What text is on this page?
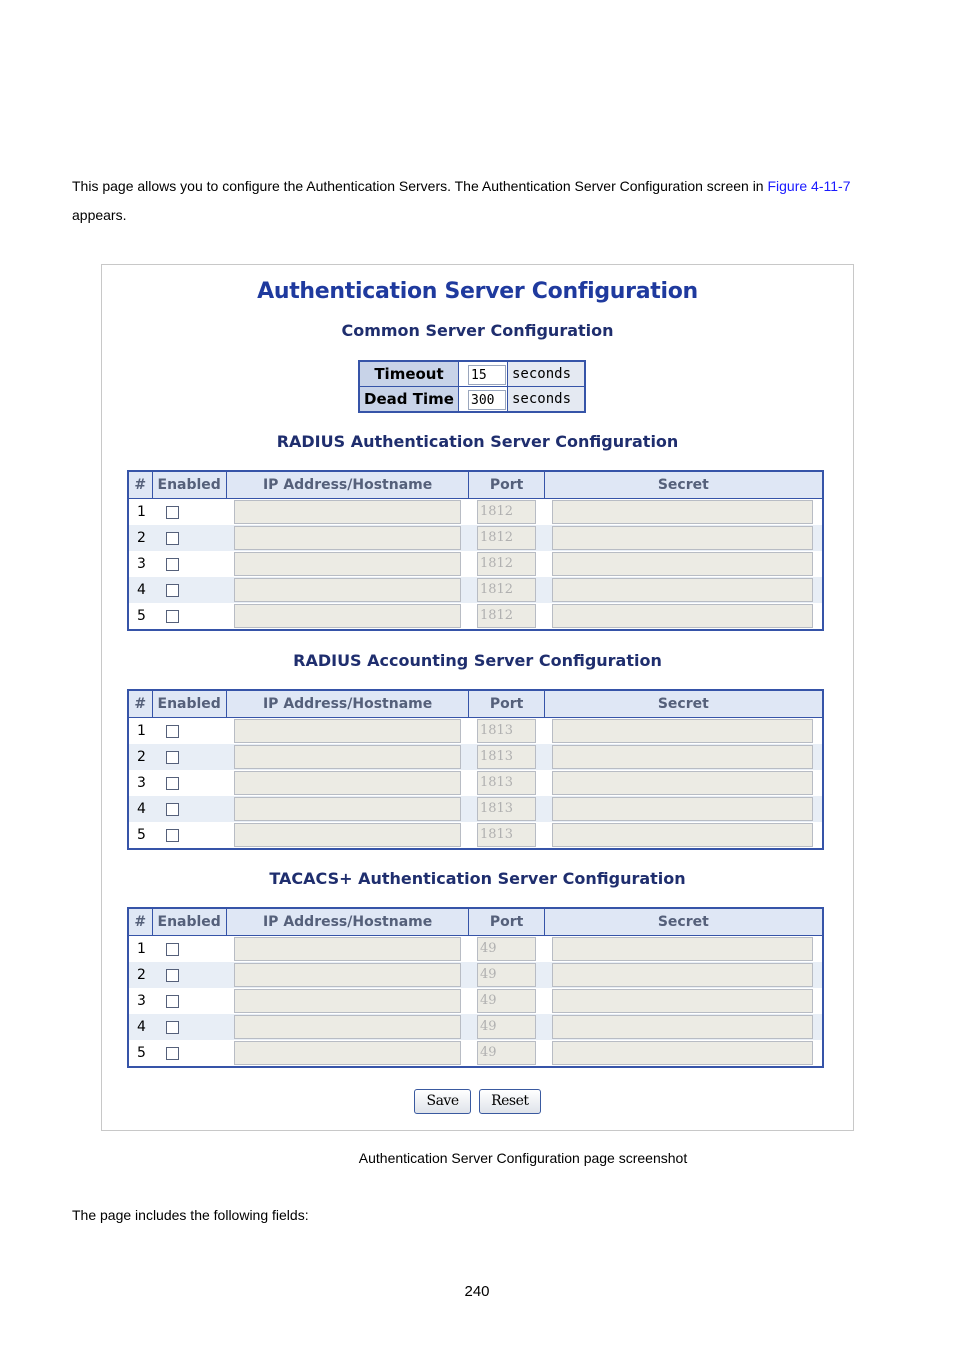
This page allows you to configure the Authentication Servers. The Authentication Server Configuration screen in Figure 4-11-7
appears.
Authentication Server Configuration
Common Server Configuration
Timeout	15	seconds
Dead Time	300	seconds
RADIUS Authentication Server Configuration
#	Enabled	IP Address/Hostname	Port	Secret
1			1812	

2			1812	

3			1812	

4			1812	

5			1812	

RADIUS Accounting Server Configuration
#	Enabled	IP Address/Hostname	Port	Secret
1			1813	

2			1813	

3			1813	

4			1813	

5			1813	

TACACS+ Authentication Server Configuration
#	Enabled	IP Address/Hostname	Port	Secret
1			49	

2			49	

3			49	

4			49	

5			49	

Save Reset
Authentication Server Configuration page screenshot
The page includes the following fields:
240
